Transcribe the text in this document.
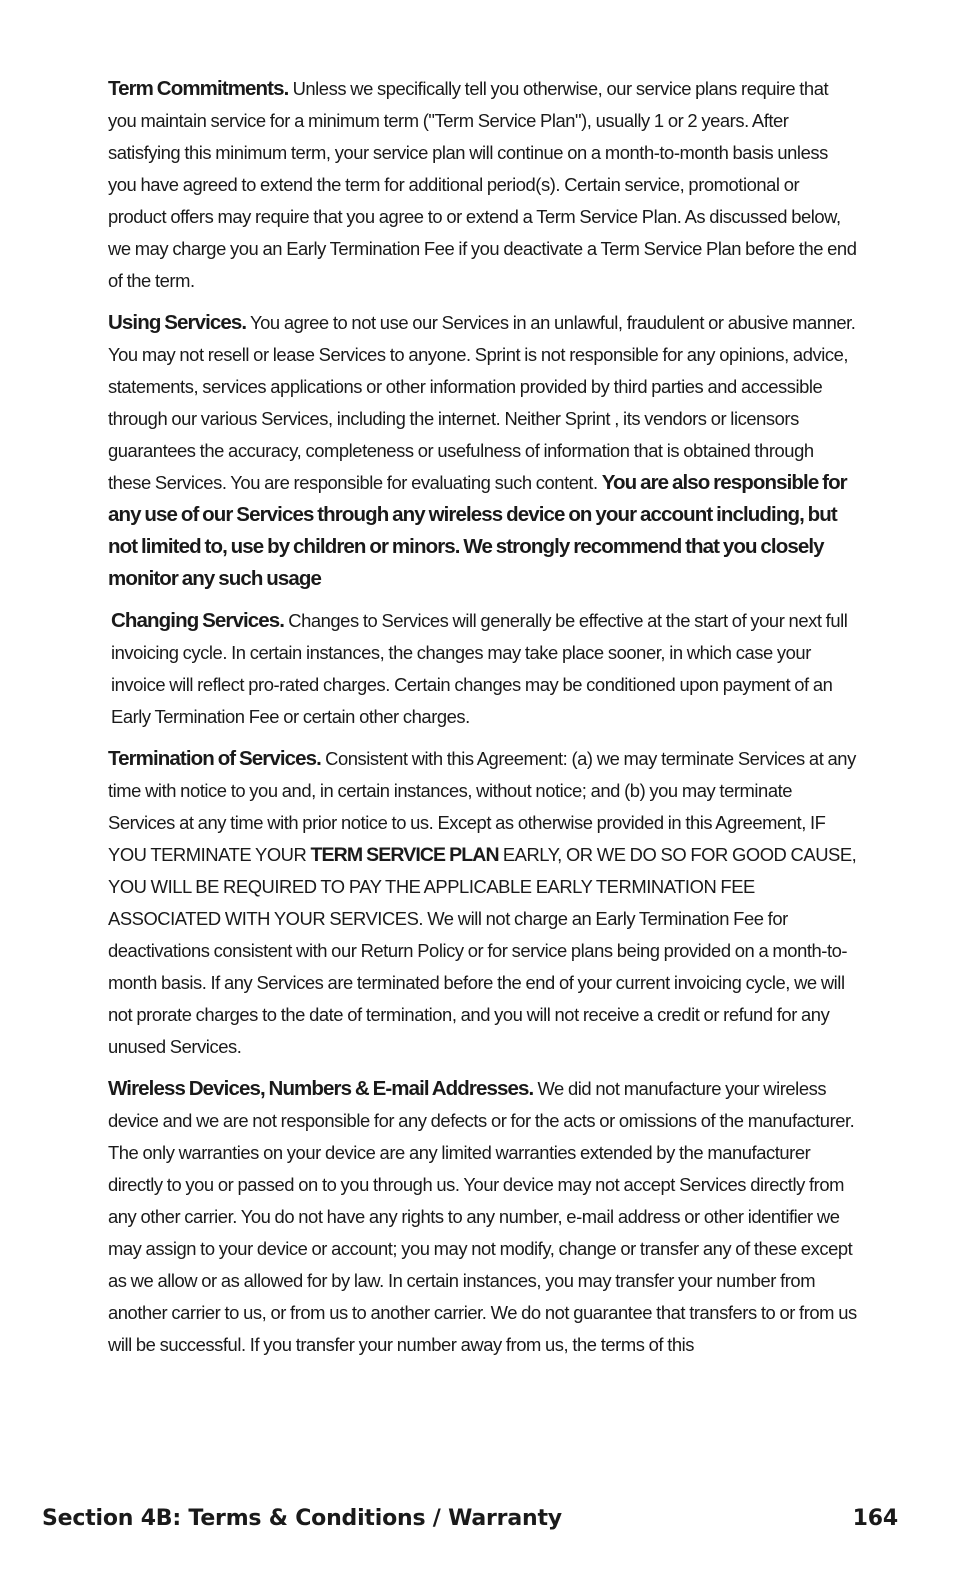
Term Commitments. Unless we specifically tell you otherwise, our service plans require that you maintain service for a minimum term ("Term Service Plan"), usually 1 or 2 years. After satisfying this minimum term, your service plan will continue on a month-to-month basis unless you have agreed to extend the term for additional period(s). Certain service, promotional or product offers may require that you agree to or extend a Term Service Plan. As discussed below, we may charge you an Early Termination Fee if you deactivate a Term Service Plan before the end of the term.

Using Services. You agree to not use our Services in an unlawful, fraudulent or abusive manner. You may not resell or lease Services to anyone. Sprint is not responsible for any opinions, advice, statements, services applications or other information provided by third parties and accessible through our various Services, including the internet. Neither Sprint , its vendors or licensors guarantees the accuracy, completeness or usefulness of information that is obtained through these Services. You are responsible for evaluating such content. You are also responsible for any use of our Services through any wireless device on your account including, but not limited to, use by children or minors. We strongly recommend that you closely monitor any such usage

Changing Services. Changes to Services will generally be effective at the start of your next full invoicing cycle. In certain instances, the changes may take place sooner, in which case your invoice will reflect pro-rated charges. Certain changes may be conditioned upon payment of an Early Termination Fee or certain other charges.

Termination of Services. Consistent with this Agreement: (a) we may terminate Services at any time with notice to you and, in certain instances, without notice; and (b) you may terminate Services at any time with prior notice to us. Except as otherwise provided in this Agreement, IF YOU TERMINATE YOUR TERM SERVICE PLAN EARLY, OR WE DO SO FOR GOOD CAUSE, YOU WILL BE REQUIRED TO PAY THE APPLICABLE EARLY TERMINATION FEE ASSOCIATED WITH YOUR SERVICES. We will not charge an Early Termination Fee for deactivations consistent with our Return Policy or for service plans being provided on a month-to-month basis. If any Services are terminated before the end of your current invoicing cycle, we will not prorate charges to the date of termination, and you will not receive a credit or refund for any unused Services.

Wireless Devices, Numbers & E-mail Addresses. We did not manufacture your wireless device and we are not responsible for any defects or for the acts or omissions of the manufacturer. The only warranties on your device are any limited warranties extended by the manufacturer directly to you or passed on to you through us. Your device may not accept Services directly from any other carrier. You do not have any rights to any number, e-mail address or other identifier we may assign to your device or account; you may not modify, change or transfer any of these except as we allow or as allowed for by law. In certain instances, you may transfer your number from another carrier to us, or from us to another carrier. We do not guarantee that transfers to or from us will be successful. If you transfer your number away from us, the terms of this

Section 4B: Terms & Conditions / Warranty	164
